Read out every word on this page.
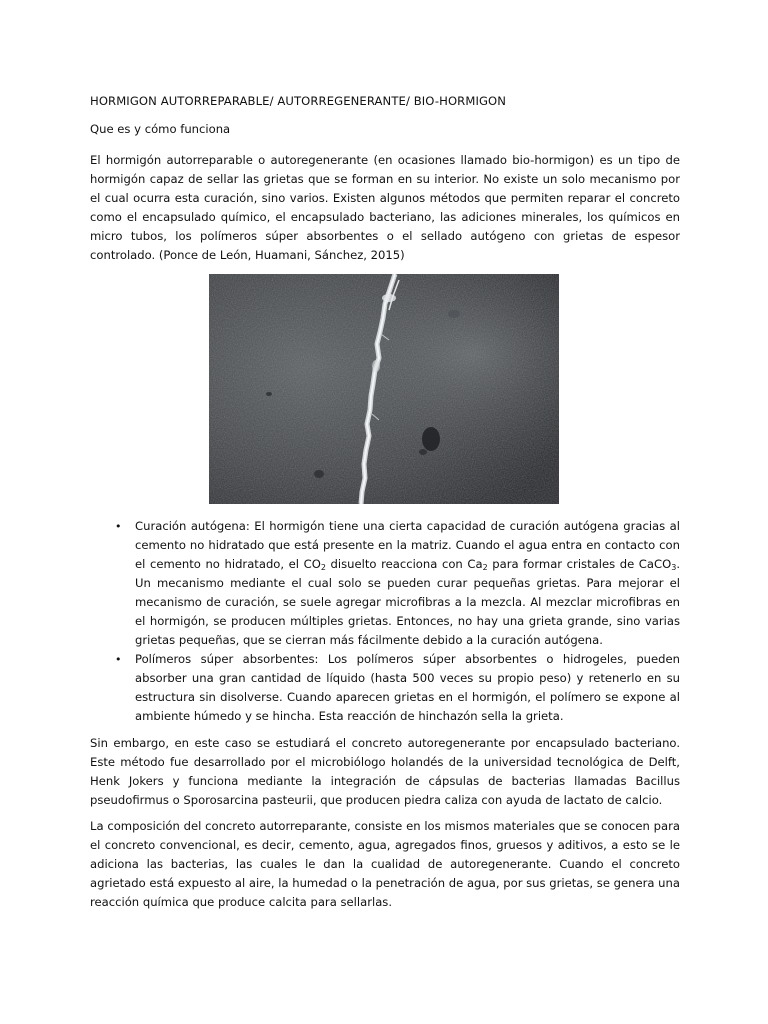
HORMIGON AUTORREPARABLE/ AUTORREGENERANTE/ BIO-HORMIGON
Que es y cómo funciona

El hormigón autorreparable o autoregenerante (en ocasiones llamado bio-hormigon) es un tipo de hormigón capaz de sellar las grietas que se forman en su interior. No existe un solo mecanismo por el cual ocurra esta curación, sino varios. Existen algunos métodos que permiten reparar el concreto como el encapsulado químico, el encapsulado bacteriano, las adiciones minerales, los químicos en micro tubos, los polímeros súper absorbentes o el sellado autógeno con grietas de espesor controlado. (Ponce de León, Huamani, Sánchez, 2015)

• Curación autógena: El hormigón tiene una cierta capacidad de curación autógena gracias al cemento no hidratado que está presente en la matriz. Cuando el agua entra en contacto con el cemento no hidratado, el $CO_2$ disuelto reacciona con $Ca_2$ para formar cristales de CaCO$_3$. Un mecanismo mediante el cual solo se pueden curar pequeñas grietas. Para mejorar el mecanismo de curación, se suele agregar microfibras a la mezcla. Al mezclar microfibras en el hormigón, se producen múltiples grietas. Entonces, no hay una grieta grande, sino varias grietas pequeñas, que se cierran más fácilmente debido a la curación autógena.
• Polímeros súper absorbentes: Los polímeros súper absorbentes o hidrogeles, pueden absorber una gran cantidad de líquido (hasta 500 veces su propio peso) y retenerlo en su estructura sin disolverse. Cuando aparecen grietas en el hormigón, el polímero se expone al ambiente húmedo y se hincha. Esta reacción de hinchazón sella la grieta.

Sin embargo, en este caso se estudiará el concreto autoregenerante por encapsulado bacteriano. Este método fue desarrollado por el microbiólogo holandés de la universidad tecnológica de Delft, Henk Jokers y funciona mediante la integración de cápsulas de bacterias llamadas Bacillus pseudofirmus o Sporosarcina pasteurii, que producen piedra caliza con ayuda de lactato de calcio.

La composición del concreto autorreparante, consiste en los mismos materiales que se conocen para el concreto convencional, es decir, cemento, agua, agregados finos, gruesos y aditivos, a esto se le adiciona las bacterias, las cuales le dan la cualidad de autoregenerante. Cuando el concreto agrietado está expuesto al aire, la humedad o la penetración de agua, por sus grietas, se genera una reacción química que produce calcita para sellarlas.
